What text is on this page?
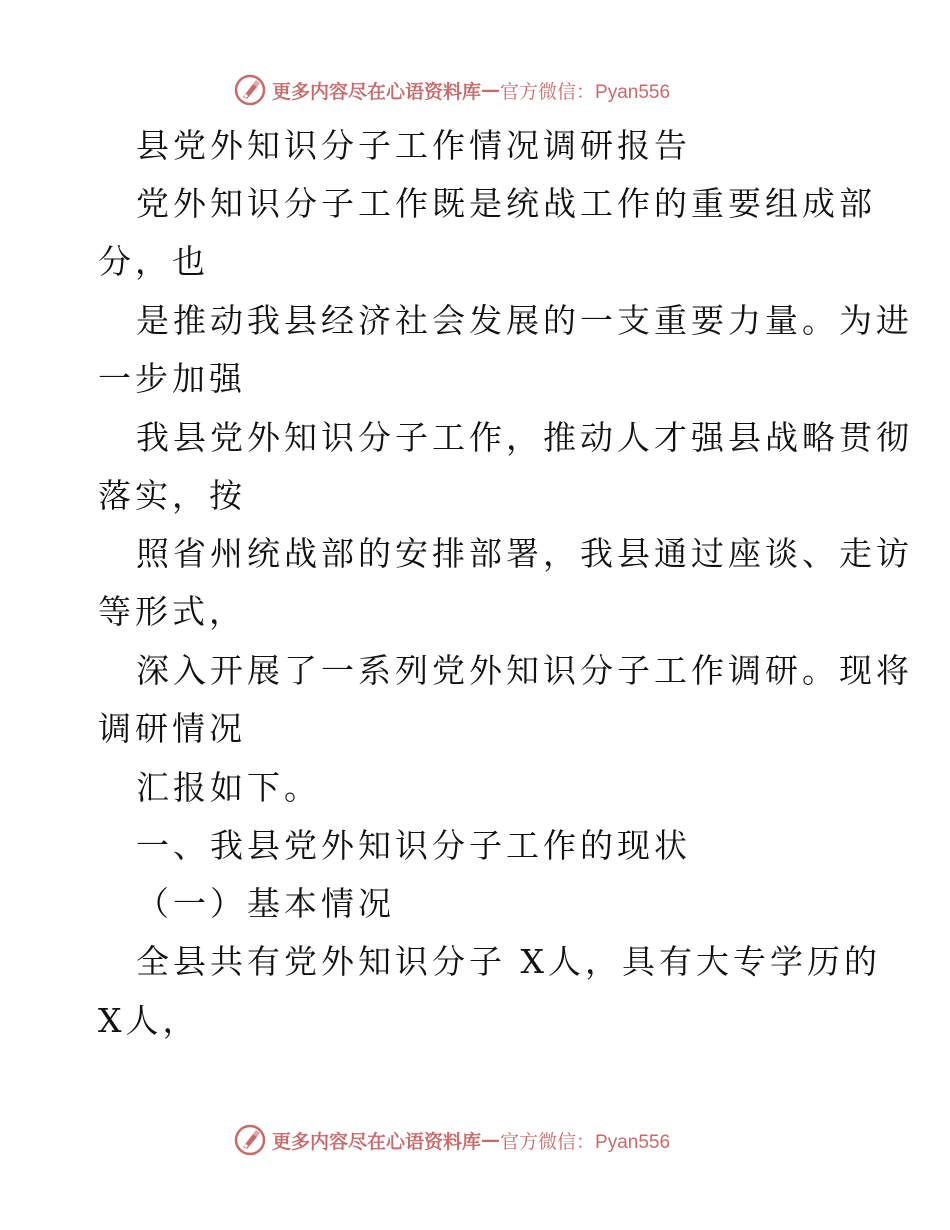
更多内容尽在心语资料库 — 官方微信：Pyan556
县党外知识分子工作情况调研报告
党外知识分子工作既是统战工作的重要组成部
分，也
是推动我县经济社会发展的一支重要力量。为进
一步加强
我县党外知识分子工作，推动人才强县战略贯彻
落实，按
照省州统战部的安排部署，我县通过座谈、走访
等形式，
深入开展了一系列党外知识分子工作调研。现将
调研情况
汇报如下。
一、我县党外知识分子工作的现状
（一）基本情况
全县共有党外知识分子 X人，具有大专学历的
X人，
更多内容尽在心语资料库 — 官方微信：Pyan556
